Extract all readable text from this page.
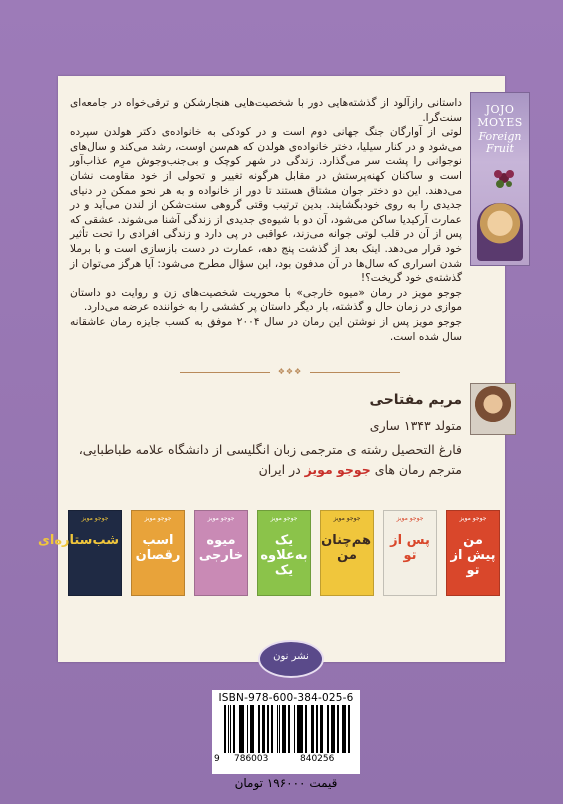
JOJO MOYES
Foreign Fruit
داستانی رازآلود از گذشته‌هایی دور با شخصیت‌هایی هنجارشکن و ترقی‌خواه در جامعه‌ای سنت‌گرا.
لوتی از آوارگان جنگ جهانی دوم است و در کودکی به خانواده‌ی دکتر هولدن سپرده می‌شود و در کنار سیلیا، دختر خانواده‌ی هولدن که هم‌سن اوست، رشد می‌کند و سال‌های نوجوانی را پشت سر می‌گذارد. زندگی در شهر کوچک و بی‌جنب‌وجوش مرِم عذاب‌آور است و ساکنان کهنه‌پرستش در مقابل هرگونه تغییر و تحولی از خود مقاومت نشان می‌دهند. این دو دختر جوان مشتاق هستند تا دور از خانواده و به هر نحو ممکن در دنیای جدیدی را به روی خودبگشایند. بدین ترتیب وقتی گروهی سنت‌شکن از لندن می‌آید و در عمارت آرکیدیا ساکن می‌شود، آن دو با شیوه‌ی جدیدی از زندگی آشنا می‌شوند. عشقی که پس از آن در قلب لوتی جوانه می‌زند، عواقبی در پی دارد و زندگی افرادی را تحت تأثیر خود قرار می‌دهد. اینک بعد از گذشت پنج دهه، عمارت در دست بازسازی است و با برملا شدن اسراری که سال‌ها در آن مدفون بود، این سؤال مطرح می‌شود: آیا هرگز می‌توان از گذشته‌ی خود گریخت؟!
جوجو مویز در رمان «میوه خارجی» با محوریت شخصیت‌های زن و روایت دو داستان موازی در زمان حال و گذشته، بار دیگر داستان پر کششی را به خواننده عرضه می‌دارد.
جوجو مویز پس از نوشتن این رمان در سال ۲۰۰۴ موفق به کسب جایزه رمان عاشقانه سال شده است.
❖❖❖
مریم مفتاحی
متولد ۱۳۴۳ ساری
فارغ التحصیل رشته ی مترجمی زبان انگلیسی از دانشگاه علامه طباطبایی،
مترجم رمان های جوجو مویز در ایران
جوجو مویز
من پیش از تو
جوجو مویز
پس از تو
جوجو مویز
هم‌چنان من
جوجو مویز
یک به‌علاوه یک
جوجو مویز
میوه خارجی
جوجو مویز
اسب رقصان
جوجو مویز
شب‌ستاره‌ای
نشر نون
ISBN-978-600-384-025-6
9 786003	840256
قیمت ۱۹۶۰۰۰ تومان
